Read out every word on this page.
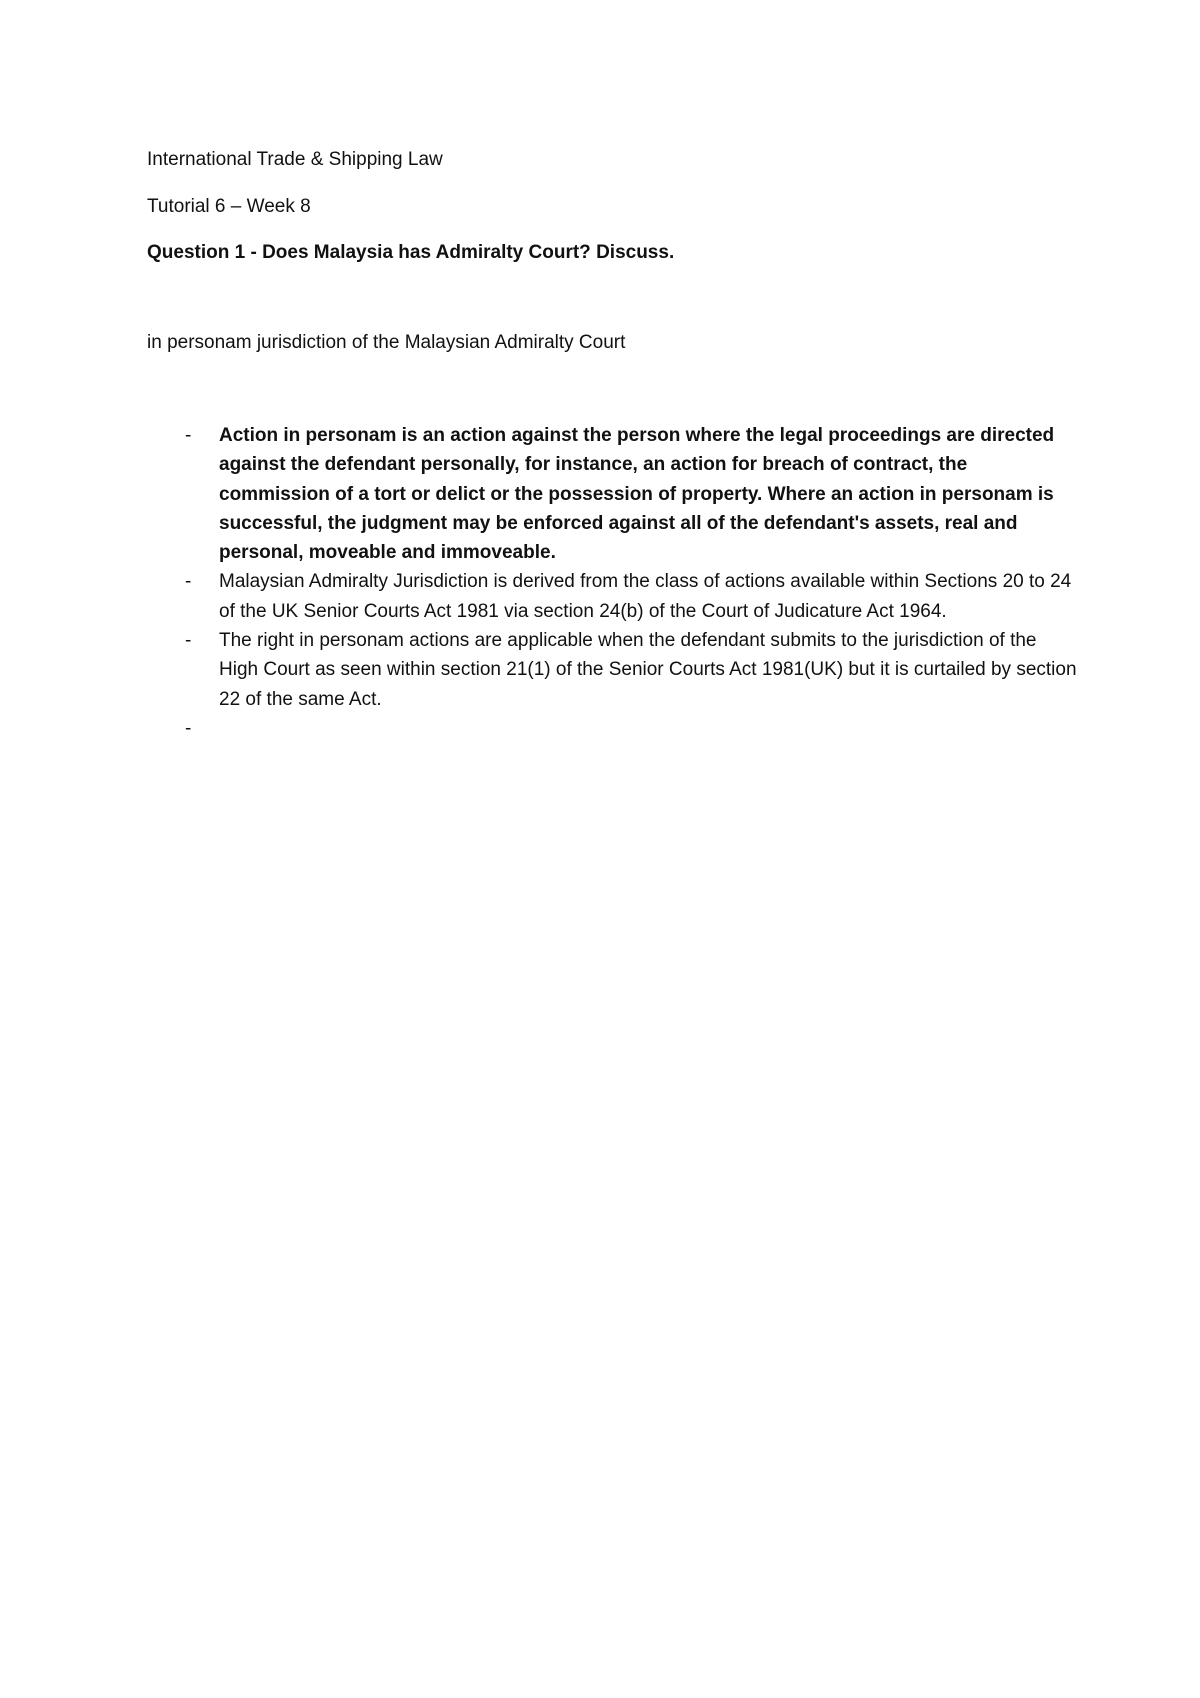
International Trade & Shipping Law
Tutorial 6 – Week 8
Question 1 - Does Malaysia has Admiralty Court? Discuss.
in personam jurisdiction of the Malaysian Admiralty Court
- Action in personam is an action against the person where the legal proceedings are directed against the defendant personally, for instance, an action for breach of contract, the commission of a tort or delict or the possession of property. Where an action in personam is successful, the judgment may be enforced against all of the defendant's assets, real and personal, moveable and immoveable.
- Malaysian Admiralty Jurisdiction is derived from the class of actions available within Sections 20 to 24 of the UK Senior Courts Act 1981 via section 24(b) of the Court of Judicature Act 1964.
- The right in personam actions are applicable when the defendant submits to the jurisdiction of the High Court as seen within section 21(1) of the Senior Courts Act 1981(UK) but it is curtailed by section 22 of the same Act.
-
